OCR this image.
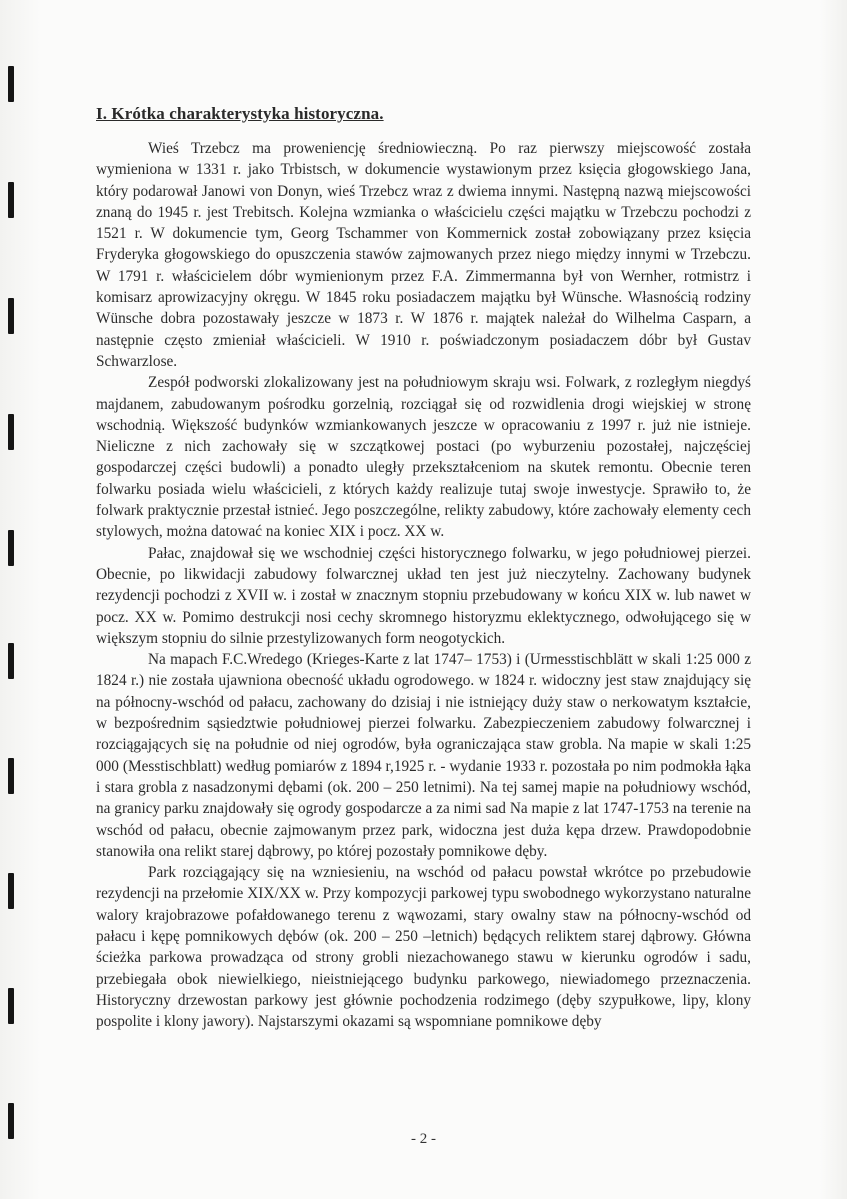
I. Krótka charakterystyka historyczna.

Wieś Trzebcz ma proweniencję średniowieczną. Po raz pierwszy miejscowość została wymieniona w 1331 r. jako Trbistsch, w dokumencie wystawionym przez księcia głogowskiego Jana, który podarował Janowi von Donyn, wieś Trzebcz wraz z dwiema innymi. Następną nazwą miejscowości znaną do 1945 r. jest Trebitsch. Kolejna wzmianka o właścicielu części majątku w Trzebczu pochodzi z 1521 r. W dokumencie tym, Georg Tschammer von Kommernick został zobowiązany przez księcia Fryderyka głogowskiego do opuszczenia stawów zajmowanych przez niego między innymi w Trzebczu. W 1791 r. właścicielem dóbr wymienionym przez F.A. Zimmermanna był von Wernher, rotmistrz i komisarz aprowizacyjny okręgu. W 1845 roku posiadaczem majątku był Wünsche. Własnością rodziny Wünsche dobra pozostawały jeszcze w 1873 r. W 1876 r. majątek należał do Wilhelma Casparn, a następnie często zmieniał właścicieli. W 1910 r. poświadczonym posiadaczem dóbr był Gustav Schwarzlose.

Zespół podworski zlokalizowany jest na południowym skraju wsi. Folwark, z rozległym niegdyś majdanem, zabudowanym pośrodku gorzelnią, rozciągał się od rozwidlenia drogi wiejskiej w stronę wschodnią. Większość budynków wzmiankowanych jeszcze w opracowaniu z 1997 r. już nie istnieje. Nieliczne z nich zachowały się w szczątkowej postaci (po wyburzeniu pozostałej, najczęściej gospodarczej części budowli) a ponadto uległy przekształceniom na skutek remontu. Obecnie teren folwarku posiada wielu właścicieli, z których każdy realizuje tutaj swoje inwestycje. Sprawiło to, że folwark praktycznie przestał istnieć. Jego poszczególne, relikty zabudowy, które zachowały elementy cech stylowych, można datować na koniec XIX i pocz. XX w.

Pałac, znajdował się we wschodniej części historycznego folwarku, w jego południowej pierzei. Obecnie, po likwidacji zabudowy folwarcznej układ ten jest już nieczytelny. Zachowany budynek rezydencji pochodzi z XVII w. i został w znacznym stopniu przebudowany w końcu XIX w. lub nawet w pocz. XX w. Pomimo destrukcji nosi cechy skromnego historyzmu eklektycznego, odwołującego się w większym stopniu do silnie przestylizowanych form neogotyckich.

Na mapach F.C.Wredego (Krieges-Karte z lat 1747– 1753) i (Urmesstischblätt w skali 1:25 000 z 1824 r.) nie została ujawniona obecność układu ogrodowego. w 1824 r. widoczny jest staw znajdujący się na północny-wschód od pałacu, zachowany do dzisiaj i nie istniejący duży staw o nerkowatym kształcie, w bezpośrednim sąsiedztwie południowej pierzei folwarku. Zabezpieczeniem zabudowy folwarcznej i rozciągających się na południe od niej ogrodów, była ograniczająca staw grobla. Na mapie w skali 1:25 000 (Messtischblatt) według pomiarów z 1894 r,1925 r. - wydanie 1933 r. pozostała po nim podmokła łąka i stara grobla z nasadzonymi dębami (ok. 200 – 250 letnimi). Na tej samej mapie na południowy wschód, na granicy parku znajdowały się ogrody gospodarcze a za nimi sad Na mapie z lat 1747-1753 na terenie na wschód od pałacu, obecnie zajmowanym przez park, widoczna jest duża kępa drzew. Prawdopodobnie stanowiła ona relikt starej dąbrowy, po której pozostały pomnikowe dęby.

Park rozciągający się na wzniesieniu, na wschód od pałacu powstał wkrótce po przebudowie rezydencji na przełomie XIX/XX w. Przy kompozycji parkowej typu swobodnego wykorzystano naturalne walory krajobrazowe pofałdowanego terenu z wąwozami, stary owalny staw na północny-wschód od pałacu i kępę pomnikowych dębów (ok. 200 – 250 –letnich) będących reliktem starej dąbrowy. Główna ścieżka parkowa prowadząca od strony grobli niezachowanego stawu w kierunku ogrodów i sadu, przebiegała obok niewielkiego, nieistniejącego budynku parkowego, niewiadomego przeznaczenia. Historyczny drzewostan parkowy jest głównie pochodzenia rodzimego (dęby szypułkowe, lipy, klony pospolite i klony jawory). Najstarszymi okazami są wspomniane pomnikowe dęby

- 2 -
